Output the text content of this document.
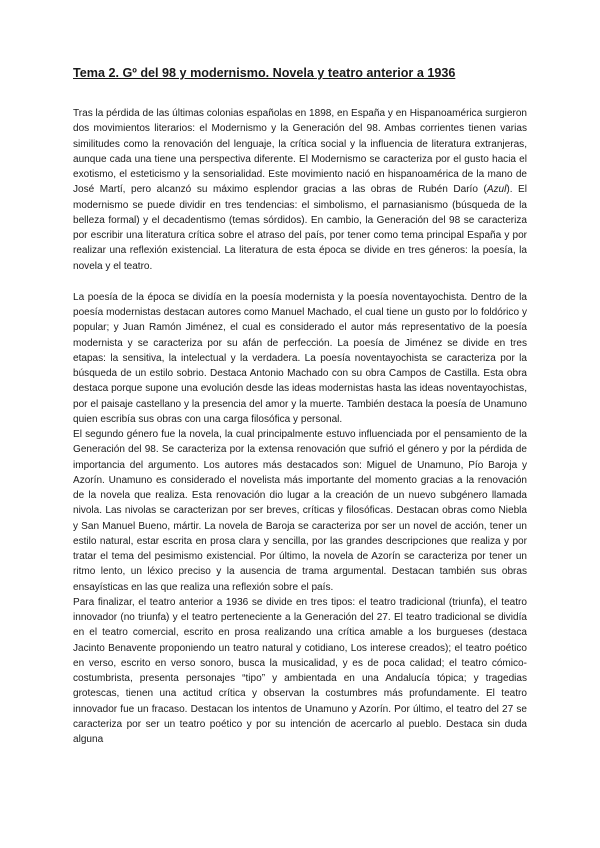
Tema 2. Gº del 98 y modernismo. Novela y teatro anterior a 1936

Tras la pérdida de las últimas colonias españolas en 1898, en España y en Hispanoamérica surgieron dos movimientos literarios: el Modernismo y la Generación del 98. Ambas corrientes tienen varias similitudes como la renovación del lenguaje, la crítica social y la influencia de literatura extranjeras, aunque cada una tiene una perspectiva diferente. El Modernismo se caracteriza por el gusto hacia el exotismo, el esteticismo y la sensorialidad. Este movimiento nació en hispanoamérica de la mano de José Martí, pero alcanzó su máximo esplendor gracias a las obras de Rubén Darío (Azul). El modernismo se puede dividir en tres tendencias: el simbolismo, el parnasianismo (búsqueda de la belleza formal) y el decadentismo (temas sórdidos). En cambio, la Generación del 98 se caracteriza por escribir una literatura crítica sobre el atraso del país, por tener como tema principal España y por realizar una reflexión existencial. La literatura de esta época se divide en tres géneros: la poesía, la novela y el teatro.

La poesía de la época se dividía en la poesía modernista y la poesía noventayochista. Dentro de la poesía modernistas destacan autores como Manuel Machado, el cual tiene un gusto por lo foldórico y popular; y Juan Ramón Jiménez, el cual es considerado el autor más representativo de la poesía modernista y se caracteriza por su afán de perfección. La poesía de Jiménez se divide en tres etapas: la sensitiva, la intelectual y la verdadera. La poesía noventayochista se caracteriza por la búsqueda de un estilo sobrio. Destaca Antonio Machado con su obra Campos de Castilla. Esta obra destaca porque supone una evolución desde las ideas modernistas hasta las ideas noventayochistas, por el paisaje castellano y la presencia del amor y la muerte. También destaca la poesía de Unamuno quien escribía sus obras con una carga filosófica y personal.

El segundo género fue la novela, la cual principalmente estuvo influenciada por el pensamiento de la Generación del 98. Se caracteriza por la extensa renovación que sufrió el género y por la pérdida de importancia del argumento. Los autores más destacados son: Miguel de Unamuno, Pío Baroja y Azorín. Unamuno es considerado el novelista más importante del momento gracias a la renovación de la novela que realiza. Esta renovación dio lugar a la creación de un nuevo subgénero llamada nivola. Las nivolas se caracterizan por ser breves, críticas y filosóficas. Destacan obras como Niebla y San Manuel Bueno, mártir. La novela de Baroja se caracteriza por ser un novel de acción, tener un estilo natural, estar escrita en prosa clara y sencilla, por las grandes descripciones que realiza y por tratar el tema del pesimismo existencial. Por último, la novela de Azorín se caracteriza por tener un ritmo lento, un léxico preciso y la ausencia de trama argumental. Destacan también sus obras ensayísticas en las que realiza una reflexión sobre el país.

Para finalizar, el teatro anterior a 1936 se divide en tres tipos: el teatro tradicional (triunfa), el teatro innovador (no triunfa) y el teatro perteneciente a la Generación del 27. El teatro tradicional se dividía en el teatro comercial, escrito en prosa realizando una crítica amable a los burgueses (destaca Jacinto Benavente proponiendo un teatro natural y cotidiano, Los interese creados); el teatro poético en verso, escrito en verso sonoro, busca la musicalidad, y es de poca calidad; el teatro cómico-costumbrista, presenta personajes “tipo” y ambientada en una Andalucía tópica; y tragedias grotescas, tienen una actitud crítica y observan la costumbres más profundamente. El teatro innovador fue un fracaso. Destacan los intentos de Unamuno y Azorín. Por último, el teatro del 27 se caracteriza por ser un teatro poético y por su intención de acercarlo al pueblo. Destaca sin duda alguna
